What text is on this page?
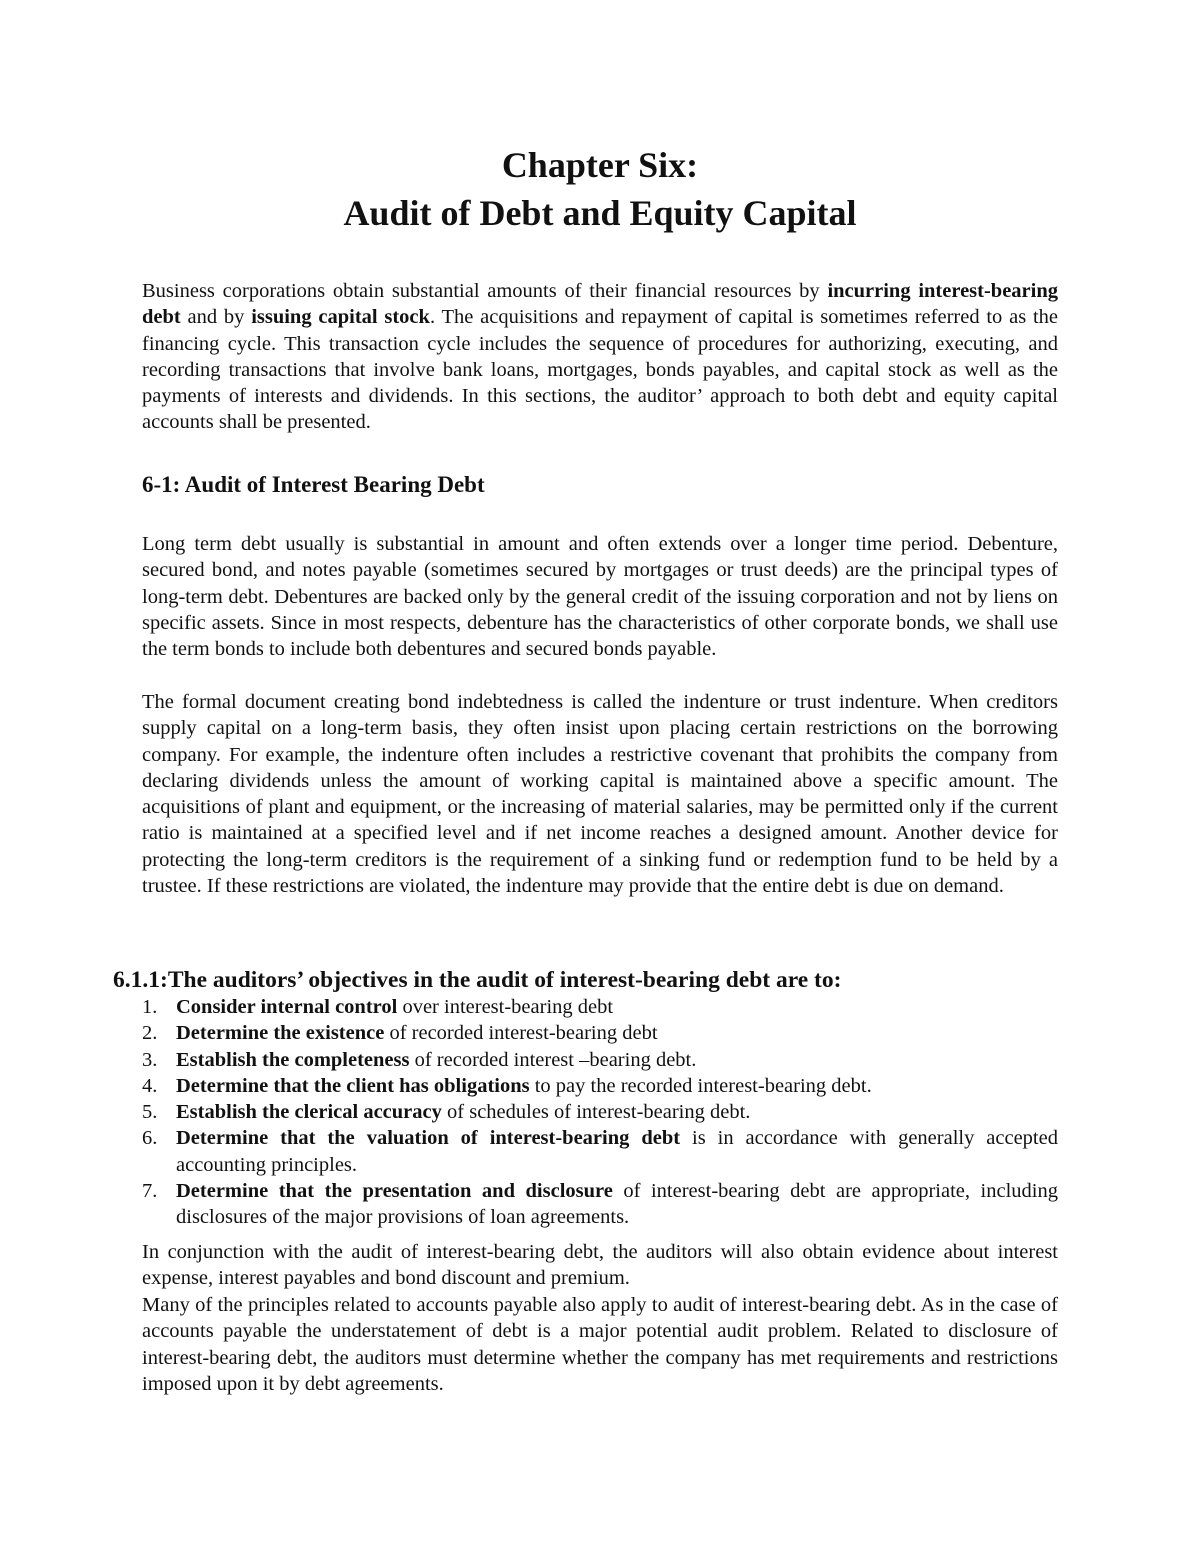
Chapter Six:
Audit of Debt and Equity Capital
Business corporations obtain substantial amounts of their financial resources by incurring interest-bearing debt and by issuing capital stock. The acquisitions and repayment of capital is sometimes referred to as the financing cycle. This transaction cycle includes the sequence of procedures for authorizing, executing, and recording transactions that involve bank loans, mortgages, bonds payables, and capital stock as well as the payments of interests and dividends. In this sections, the auditor’ approach to both debt and equity capital accounts shall be presented.
6-1: Audit of Interest Bearing Debt
Long term debt usually is substantial in amount and often extends over a longer time period. Debenture, secured bond, and notes payable (sometimes secured by mortgages or trust deeds) are the principal types of long-term debt. Debentures are backed only by the general credit of the issuing corporation and not by liens on specific assets. Since in most respects, debenture has the characteristics of other corporate bonds, we shall use the term bonds to include both debentures and secured bonds payable.
The formal document creating bond indebtedness is called the indenture or trust indenture. When creditors supply capital on a long-term basis, they often insist upon placing certain restrictions on the borrowing company. For example, the indenture often includes a restrictive covenant that prohibits the company from declaring dividends unless the amount of working capital is maintained above a specific amount. The acquisitions of plant and equipment, or the increasing of material salaries, may be permitted only if the current ratio is maintained at a specified level and if net income reaches a designed amount. Another device for protecting the long-term creditors is the requirement of a sinking fund or redemption fund to be held by a trustee. If these restrictions are violated, the indenture may provide that the entire debt is due on demand.
6.1.1:The auditors’ objectives in the audit of interest-bearing debt are to:
1. Consider internal control over interest-bearing debt
2. Determine the existence of recorded interest-bearing debt
3. Establish the completeness of recorded interest –bearing debt.
4. Determine that the client has obligations to pay the recorded interest-bearing debt.
5. Establish the clerical accuracy of schedules of interest-bearing debt.
6. Determine that the valuation of interest-bearing debt is in accordance with generally accepted accounting principles.
7. Determine that the presentation and disclosure of interest-bearing debt are appropriate, including disclosures of the major provisions of loan agreements.
In conjunction with the audit of interest-bearing debt, the auditors will also obtain evidence about interest expense, interest payables and bond discount and premium.
Many of the principles related to accounts payable also apply to audit of interest-bearing debt. As in the case of accounts payable the understatement of debt is a major potential audit problem. Related to disclosure of interest-bearing debt, the auditors must determine whether the company has met requirements and restrictions imposed upon it by debt agreements.
